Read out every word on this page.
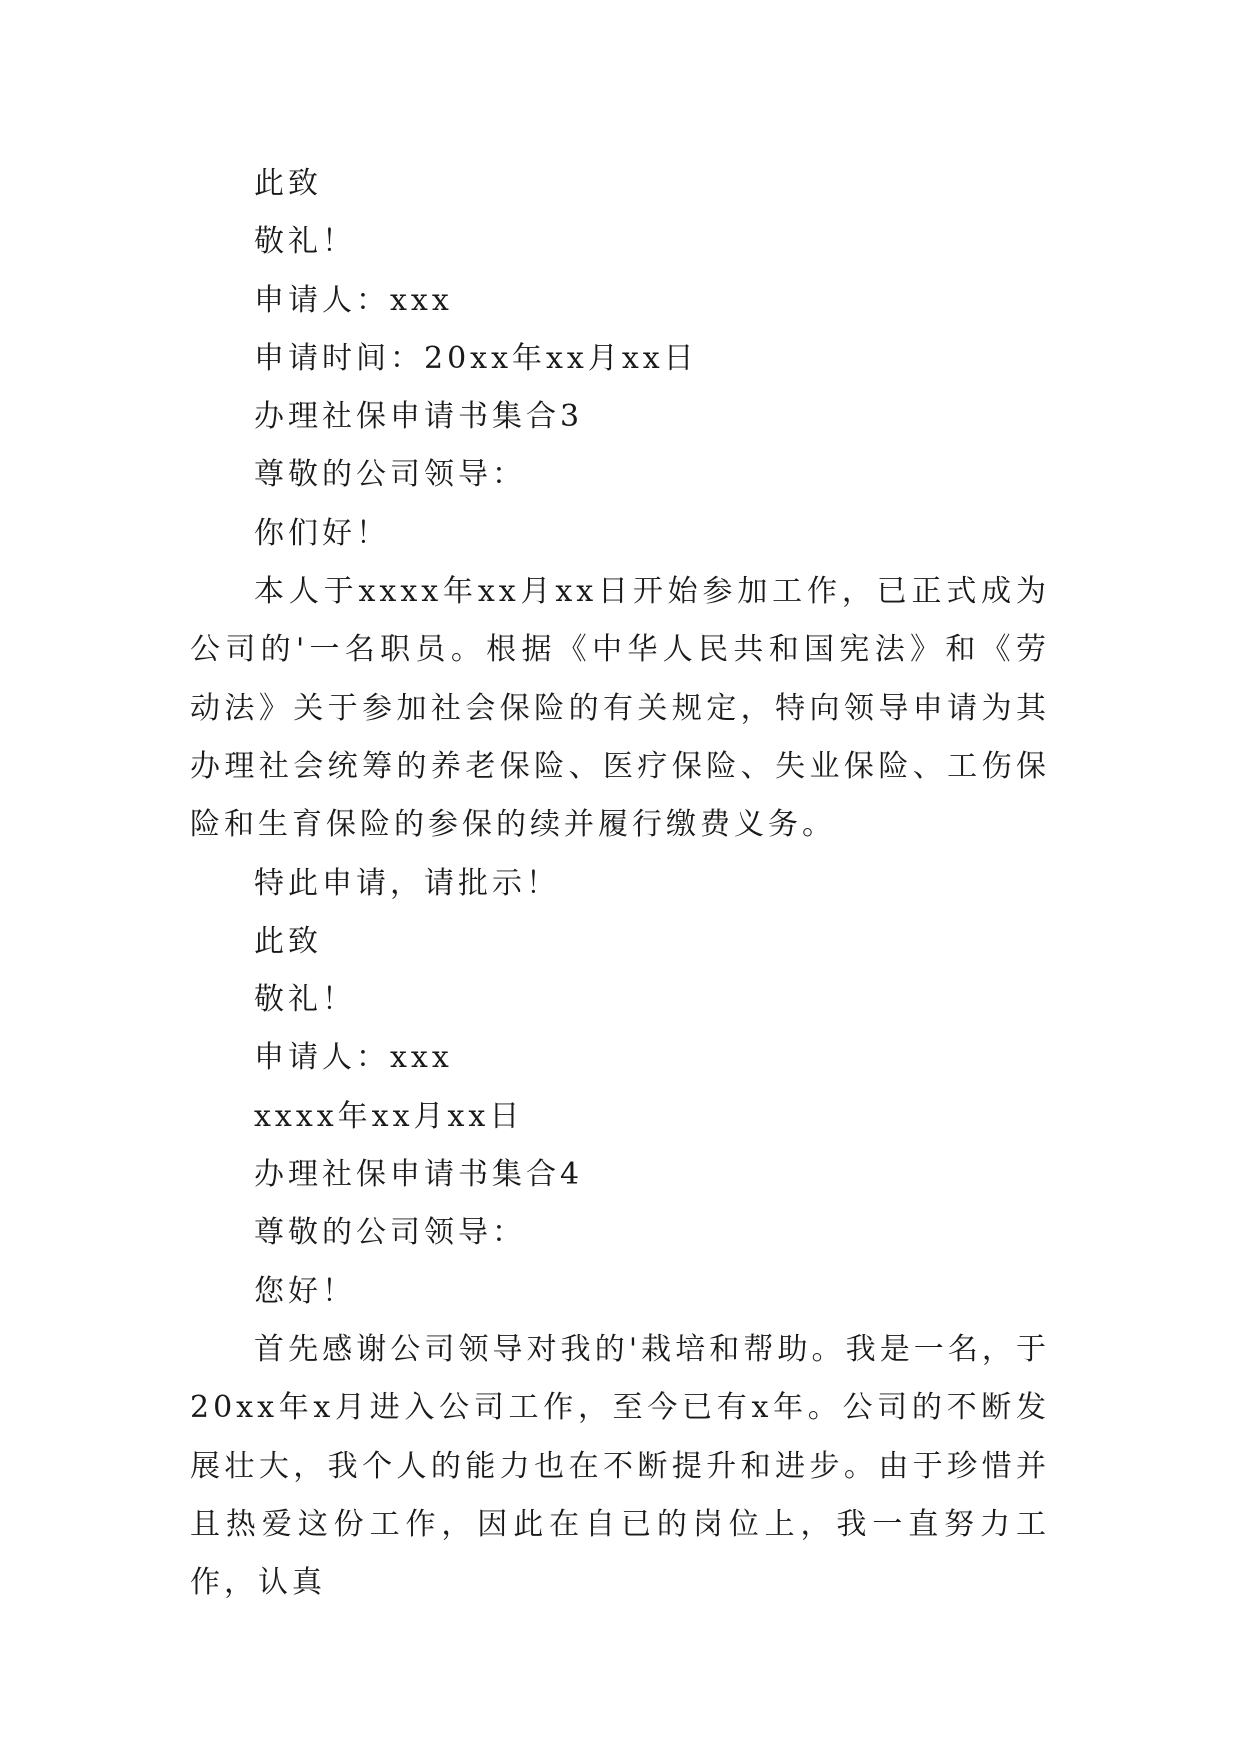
此致
敬礼！
申请人：xxx
申请时间：20xx年xx月xx日
办理社保申请书集合3
尊敬的公司领导：
你们好！

本人于xxxx年xx月xx日开始参加工作，已正式成为公司的'一名职员。根据《中华人民共和国宪法》和《劳动法》关于参加社会保险的有关规定，特向领导申请为其办理社会统筹的养老保险、医疗保险、失业保险、工伤保险和生育保险的参保的续并履行缴费义务。

特此申请，请批示！
此致
敬礼！
申请人：xxx
xxxx年xx月xx日
办理社保申请书集合4
尊敬的公司领导：
您好！

首先感谢公司领导对我的'栽培和帮助。我是一名，于20xx年x月进入公司工作，至今已有x年。公司的不断发展壮大，我个人的能力也在不断提升和进步。由于珍惜并且热爱这份工作，因此在自已的岗位上，我一直努力工作，认真
